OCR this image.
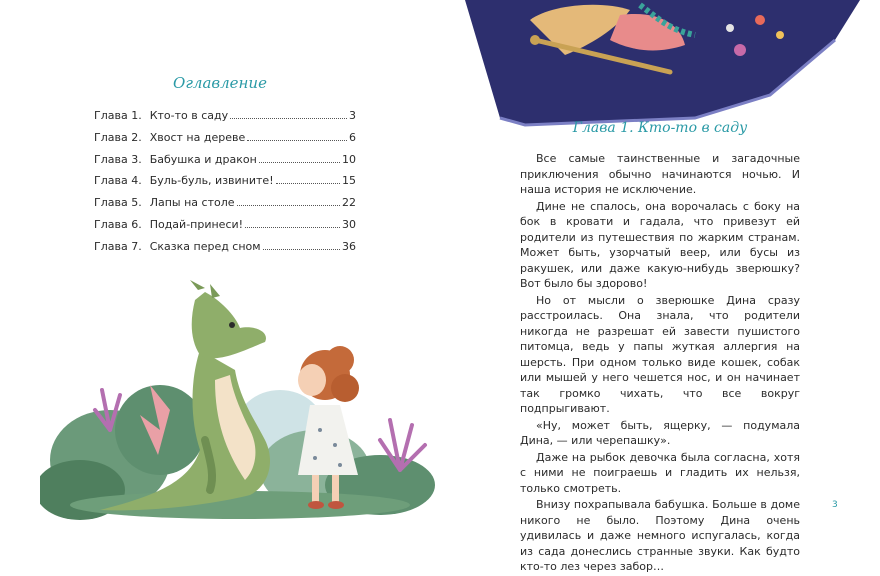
Оглавление
Глава 1. Кто-то в саду	3
Глава 2. Хвост на дереве	6
Глава 3. Бабушка и дракон	10
Глава 4. Буль-буль, извините!	15
Глава 5. Лапы на столе	22
Глава 6. Подай-принеси!	30
Глава 7. Сказка перед сном	36
Глава 1. Кто-то в саду

Все самые таинственные и загадочные приключения обычно начинаются ночью. И наша история не исключение.

Дине не спалось, она ворочалась с боку на бок в кровати и гадала, что привезут ей родители из путешествия по жарким странам. Может быть, узорчатый веер, или бусы из ракушек, или даже какую-нибудь зверюшку? Вот было бы здорово!

Но от мысли о зверюшке Дина сразу расстроилась. Она знала, что родители никогда не разрешат ей завести пушистого питомца, ведь у папы жуткая аллергия на шерсть. При одном только виде кошек, собак или мышей у него чешется нос, и он начинает так громко чихать, что все вокруг подпрыгивают.

«Ну, может быть, ящерку, — подумала Дина, — или черепашку».

Даже на рыбок девочка была согласна, хотя с ними не поиграешь и гладить их нельзя, только смотреть.

Внизу похрапывала бабушка. Больше в доме никого не было. Поэтому Дина очень удивилась и даже немного испугалась, когда из сада донеслись странные звуки. Как будто кто-то лез через забор…

3
